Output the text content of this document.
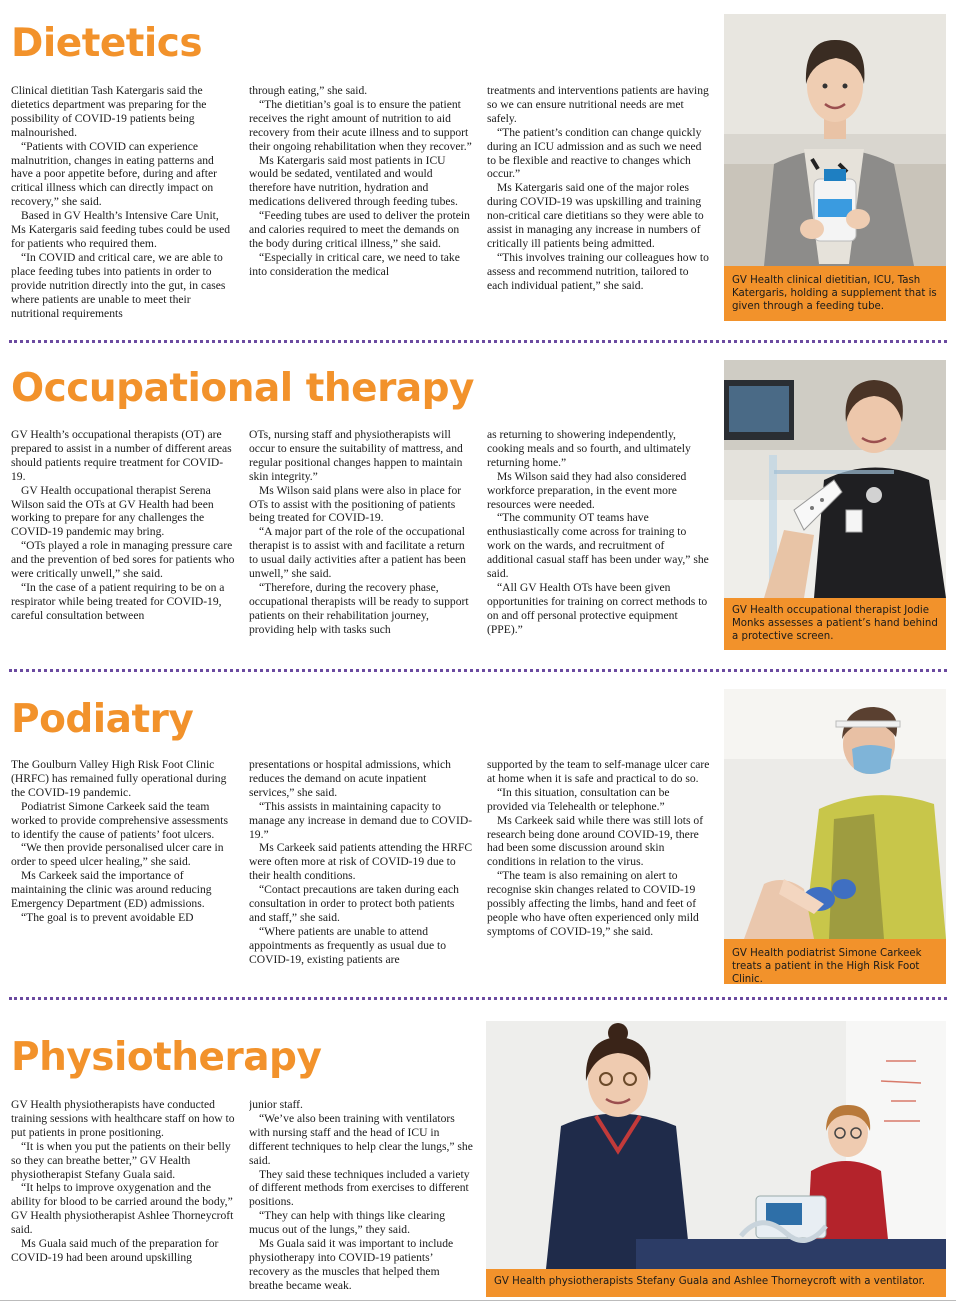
Dietetics

Clinical dietitian Tash Katergaris said the dietetics department was preparing for the possibility of COVID-19 patients being malnourished.

“Patients with COVID can experience malnutrition, changes in eating patterns and have a poor appetite before, during and after critical illness which can directly impact on recovery,” she said.

Based in GV Health’s Intensive Care Unit, Ms Katergaris said feeding tubes could be used for patients who required them.

“In COVID and critical care, we are able to place feeding tubes into patients in order to provide nutrition directly into the gut, in cases where patients are unable to meet their nutritional requirements

through eating,” she said.

“The dietitian’s goal is to ensure the patient receives the right amount of nutrition to aid recovery from their acute illness and to support their ongoing rehabilitation when they recover.”

Ms Katergaris said most patients in ICU would be sedated, ventilated and would therefore have nutrition, hydration and medications delivered through feeding tubes.

“Feeding tubes are used to deliver the protein and calories required to meet the demands on the body during critical illness,” she said.

“Especially in critical care, we need to take into consideration the medical

treatments and interventions patients are having so we can ensure nutritional needs are met safely.

“The patient’s condition can change quickly during an ICU admission and as such we need to be flexible and reactive to changes which occur.”

Ms Katergaris said one of the major roles during COVID-19 was upskilling and training non-critical care dietitians so they were able to assist in managing any increase in numbers of critically ill patients being admitted.

“This involves training our colleagues how to assess and recommend nutrition, tailored to each individual patient,” she said.	GV Health clinical dietitian, ICU, Tash Katergaris, holding a supplement that is given through a feeding tube.
Occupational therapy

GV Health’s occupational therapists (OT) are prepared to assist in a number of different areas should patients require treatment for COVID-19.

GV Health occupational therapist Serena Wilson said the OTs at GV Health had been working to prepare for any challenges the COVID-19 pandemic may bring.

“OTs played a role in managing pressure care and the prevention of bed sores for patients who were critically unwell,” she said.

“In the case of a patient requiring to be on a respirator while being treated for COVID-19, careful consultation between

OTs, nursing staff and physiotherapists will occur to ensure the suitability of mattress, and regular positional changes happen to maintain skin integrity.”

Ms Wilson said plans were also in place for OTs to assist with the positioning of patients being treated for COVID-19.

“A major part of the role of the occupational therapist is to assist with and facilitate a return to usual daily activities after a patient has been unwell,” she said.

“Therefore, during the recovery phase, occupational therapists will be ready to support patients on their rehabilitation journey, providing help with tasks such

as returning to showering independently, cooking meals and so fourth, and ultimately returning home.”

Ms Wilson said they had also considered workforce preparation, in the event more resources were needed.

“The community OT teams have enthusiastically come across for training to work on the wards, and recruitment of additional casual staff has been under way,” she said.

“All GV Health OTs have been given opportunities for training on correct methods to on and off personal protective equipment (PPE).”

GV Health occupational therapist Jodie Monks assesses a patient’s hand behind a protective screen.
Podiatry

The Goulburn Valley High Risk Foot Clinic (HRFC) has remained fully operational during the COVID-19 pandemic.

Podiatrist Simone Carkeek said the team worked to provide comprehensive assessments to identify the cause of patients’ foot ulcers.

“We then provide personalised ulcer care in order to speed ulcer healing,” she said.

Ms Carkeek said the importance of maintaining the clinic was around reducing Emergency Department (ED) admissions.

“The goal is to prevent avoidable ED

presentations or hospital admissions, which reduces the demand on acute inpatient services,” she said.

“This assists in maintaining capacity to manage any increase in demand due to COVID-19.”

Ms Carkeek said patients attending the HRFC were often more at risk of COVID-19 due to their health conditions.

“Contact precautions are taken during each consultation in order to protect both patients and staff,” she said.

“Where patients are unable to attend appointments as frequently as usual due to COVID-19, existing patients are

supported by the team to self-manage ulcer care at home when it is safe and practical to do so.

“In this situation, consultation can be provided via Telehealth or telephone.”

Ms Carkeek said while there was still lots of research being done around COVID-19, there had been some discussion around skin conditions in relation to the virus.

“The team is also remaining on alert to recognise skin changes related to COVID-19 possibly affecting the limbs, hand and feet of people who have often experienced only mild symptoms of COVID-19,” she said.

GV Health podiatrist Simone Carkeek treats a patient in the High Risk Foot Clinic.
Physiotherapy

GV Health physiotherapists have conducted training sessions with healthcare staff on how to put patients in prone positioning.

“It is when you put the patients on their belly so they can breathe better,” GV Health physiotherapist Stefany Guala said.

“It helps to improve oxygenation and the ability for blood to be carried around the body,” GV Health physiotherapist Ashlee Thorneycroft said.

Ms Guala said much of the preparation for COVID-19 had been around upskilling

junior staff.

“We’ve also been training with ventilators with nursing staff and the head of ICU in different techniques to help clear the lungs,” she said.

They said these techniques included a variety of different methods from exercises to different positions.

“They can help with things like clearing mucus out of the lungs,” they said.

Ms Guala said it was important to include physiotherapy into COVID-19 patients’ recovery as the muscles that helped them breathe became weak.	GV Health physiotherapists Stefany Guala and Ashlee Thorneycroft with a ventilator.
